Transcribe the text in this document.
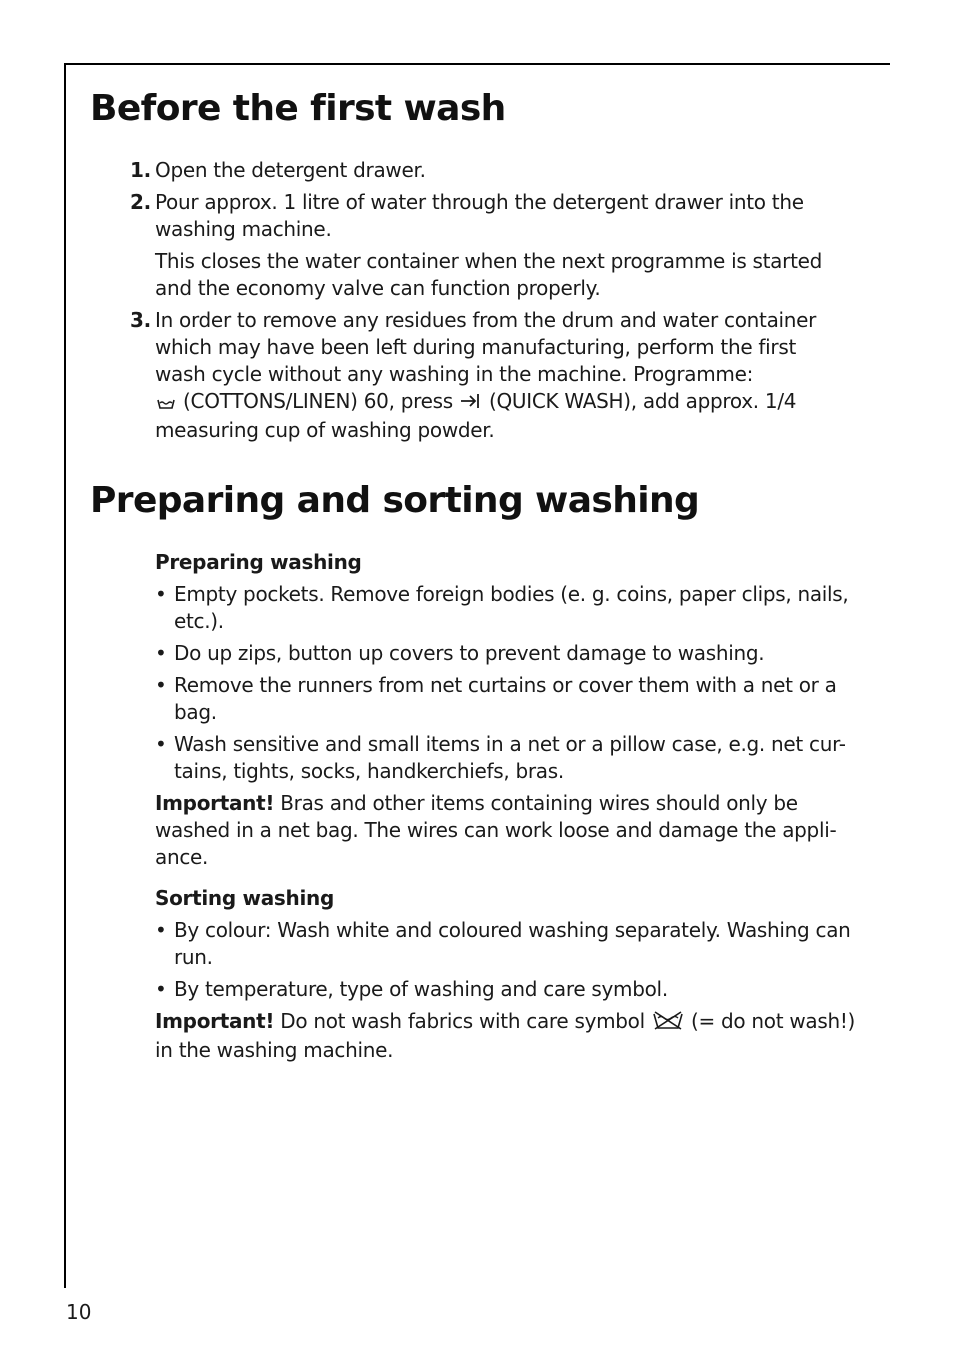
Before the first wash
1. Open the detergent drawer.

2. Pour approx. 1 litre of water through the detergent drawer into the washing machine.

This closes the water container when the next programme is started and the economy valve can function properly.

3. In order to remove any residues from the drum and water container which may have been left during manufacturing, perform the first wash cycle without any washing in the machine. Programme:
(COTTONS/LINEN) 60, press  (QUICK WASH), add approx. 1/4 measuring cup of washing powder.

Preparing and sorting washing

Preparing washing

• Empty pockets. Remove foreign bodies (e. g. coins, paper clips, nails, etc.).
• Do up zips, button up covers to prevent damage to washing.
• Remove the runners from net curtains or cover them with a net or a bag.
• Wash sensitive and small items in a net or a pillow case, e.g. net cur-tains, tights, socks, handkerchiefs, bras.

Important! Bras and other items containing wires should only be washed in a net bag. The wires can work loose and damage the appli-ance.

Sorting washing

• By colour: Wash white and coloured washing separately. Washing can run.
• By temperature, type of washing and care symbol.

Important! Do not wash fabrics with care symbol  (= do not wash!) in the washing machine.

10
